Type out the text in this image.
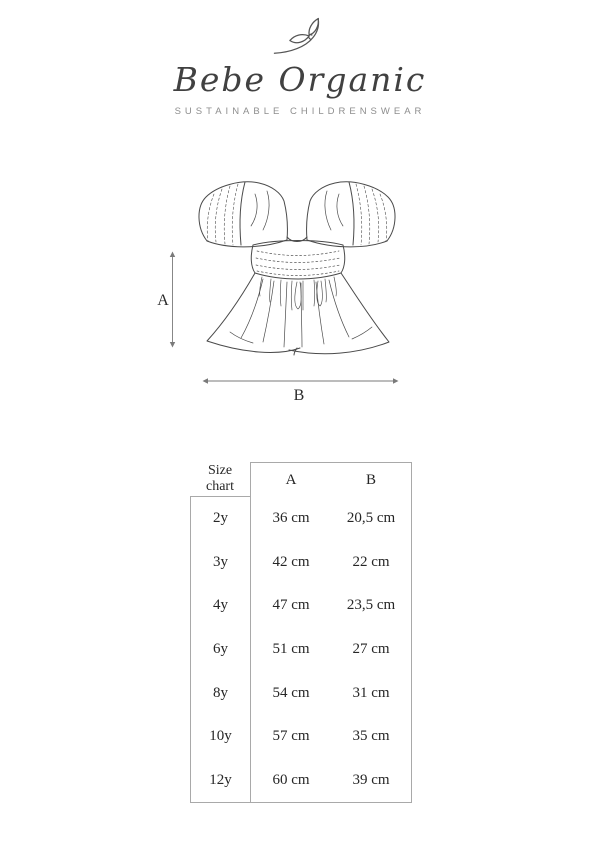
Bebe Organic
SUSTAINABLE CHILDRENSWEAR
A
B
Size chart	A	B
2y	36 cm	20,5 cm
3y	42 cm	22 cm
4y	47 cm	23,5 cm
6y	51 cm	27 cm
8y	54 cm	31 cm
10y	57 cm	35 cm
12y	60 cm	39 cm
